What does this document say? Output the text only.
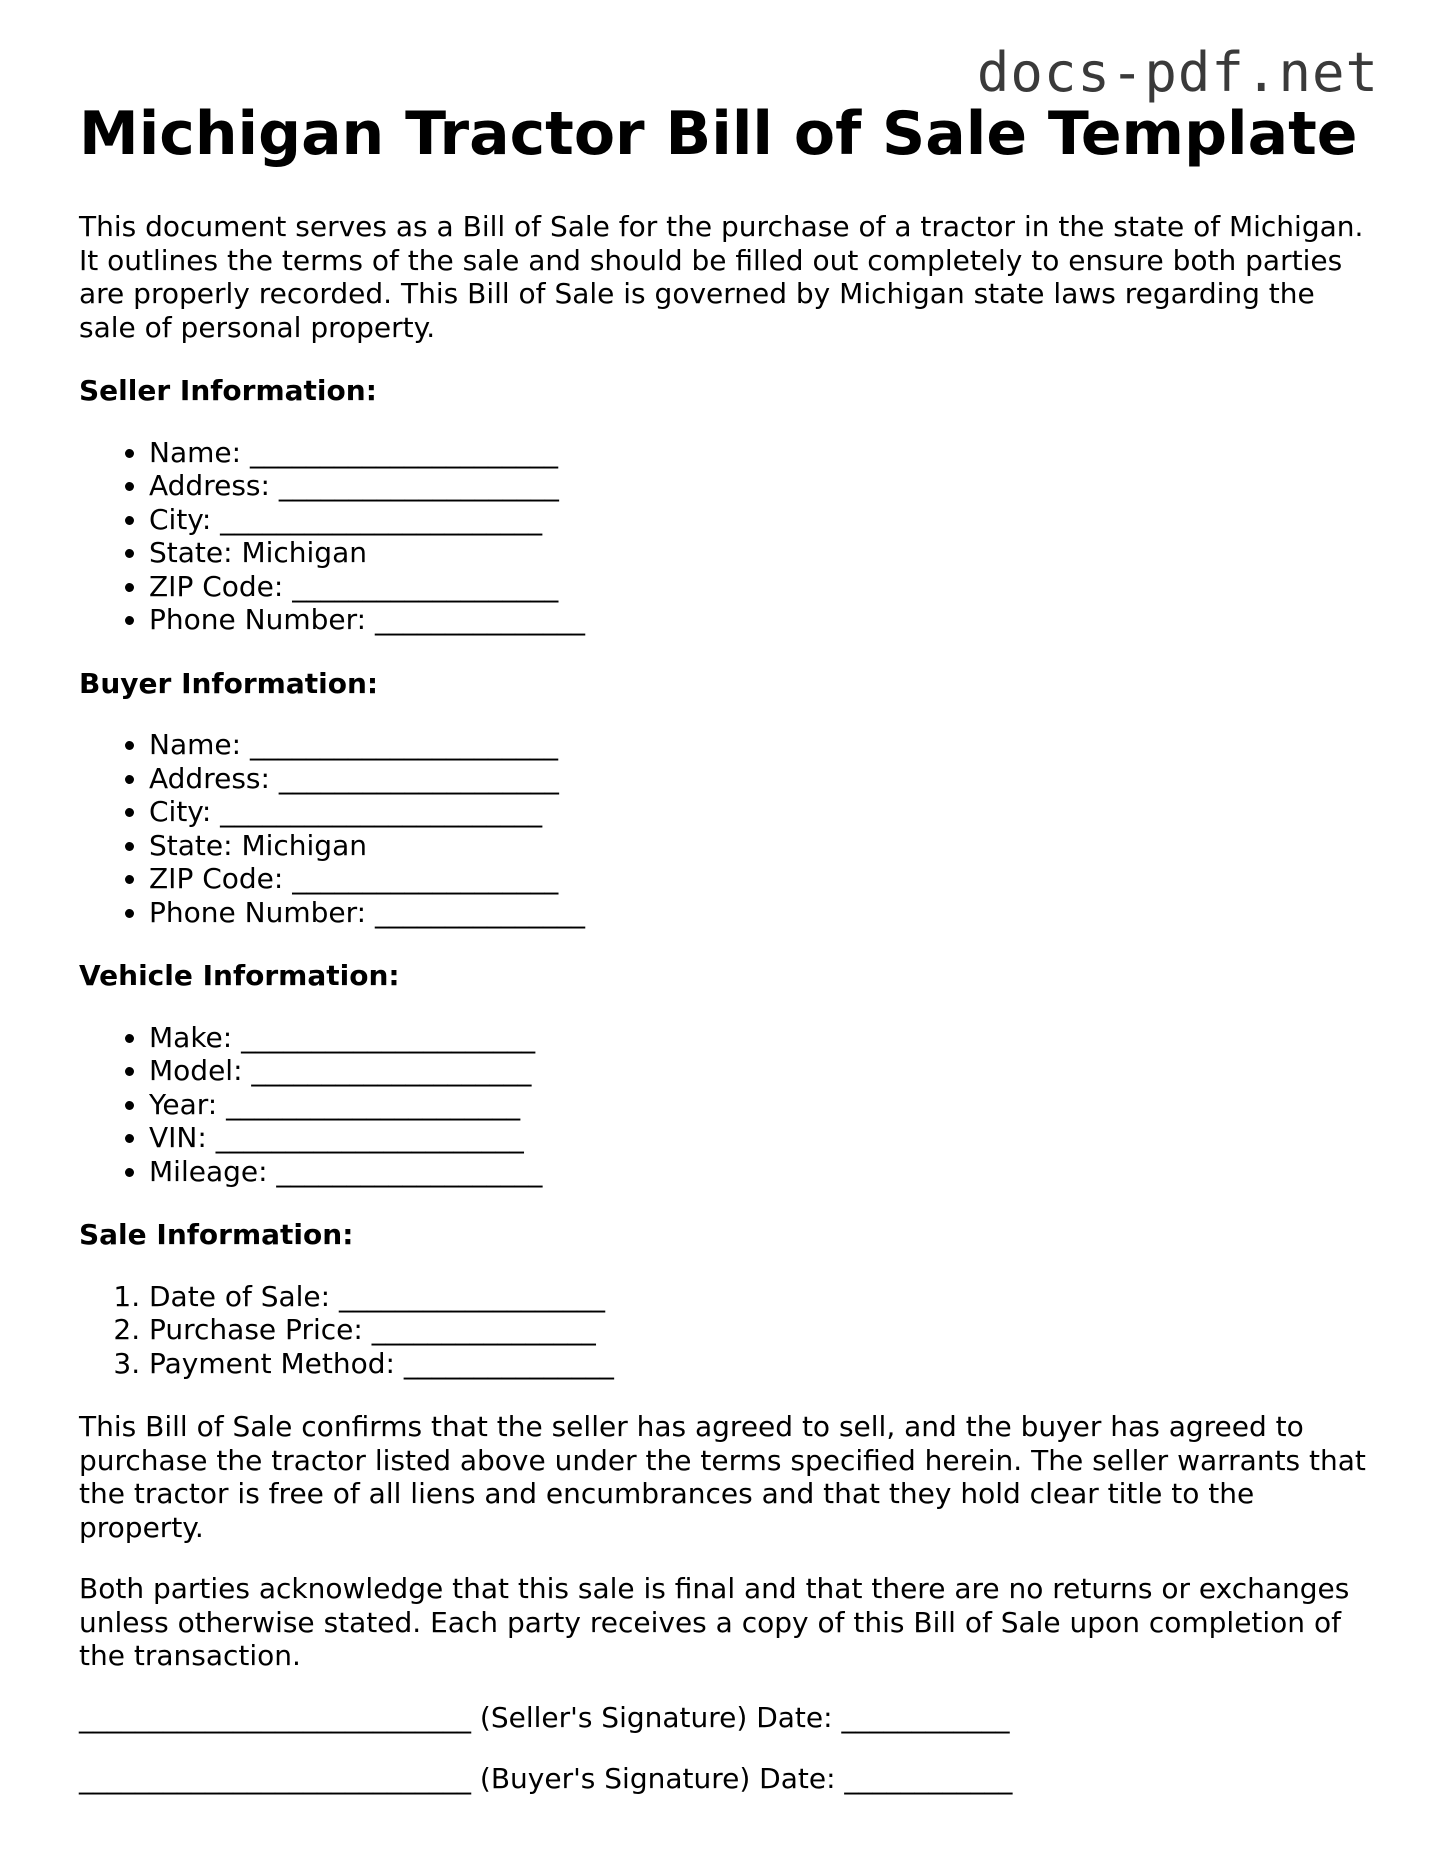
docs-pdf.net
Michigan Tractor Bill of Sale Template

This document serves as a Bill of Sale for the purchase of a tractor in the state of Michigan. It outlines the terms of the sale and should be filled out completely to ensure both parties are properly recorded. This Bill of Sale is governed by Michigan state laws regarding the sale of personal property.

Seller Information:
• Name: ______________________
• Address: ____________________
• City: _______________________
• State: Michigan
• ZIP Code: ___________________
• Phone Number: _______________
Buyer Information:
• Name: ______________________
• Address: ____________________
• City: _______________________
• State: Michigan
• ZIP Code: ___________________
• Phone Number: _______________
Vehicle Information:
• Make: _____________________
• Model: ____________________
• Year: _____________________
• VIN: ______________________
• Mileage: ___________________
Sale Information:
1. Date of Sale: ___________________
2. Purchase Price: ________________
3. Payment Method: _______________

This Bill of Sale confirms that the seller has agreed to sell, and the buyer has agreed to purchase the tractor listed above under the terms specified herein. The seller warrants that the tractor is free of all liens and encumbrances and that they hold clear title to the property.

Both parties acknowledge that this sale is final and that there are no returns or exchanges unless otherwise stated. Each party receives a copy of this Bill of Sale upon completion of the transaction.

____________________________ (Seller's Signature) Date: ____________

____________________________ (Buyer's Signature) Date: ____________
